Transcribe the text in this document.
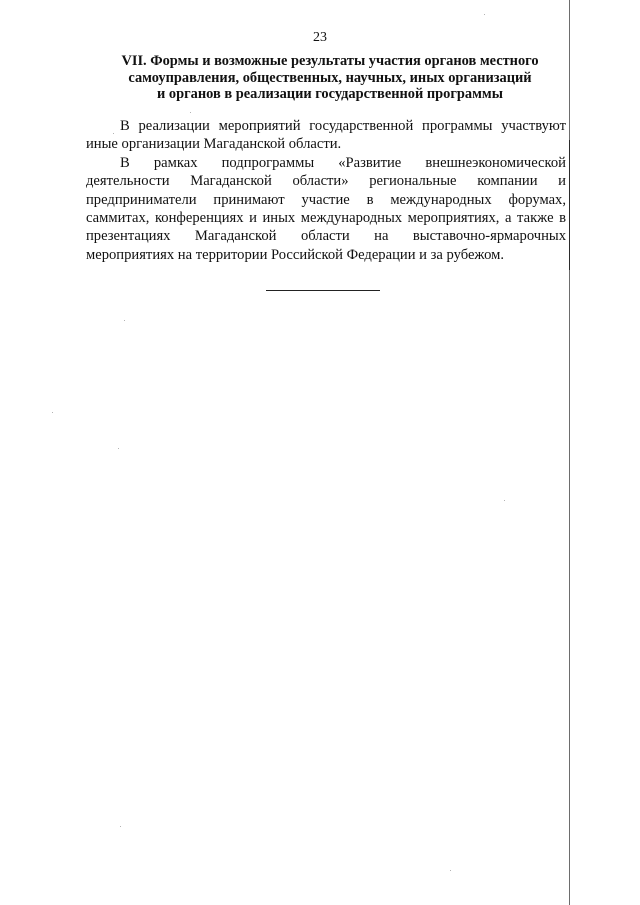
23
VII. Формы и возможные результаты участия органов местного
самоуправления, общественных, научных, иных организаций
и органов в реализации государственной программы

В реализации мероприятий государственной программы участвуют иные организации Магаданской области.

В рамках подпрограммы «Развитие внешнеэкономической деятельности Магаданской области» региональные компании и предприниматели принимают участие в международных форумах, саммитах, конференциях и иных международных мероприятиях, а также в презентациях Магаданской области на выставочно-ярмарочных мероприятиях на территории Российской Федерации и за рубежом.
